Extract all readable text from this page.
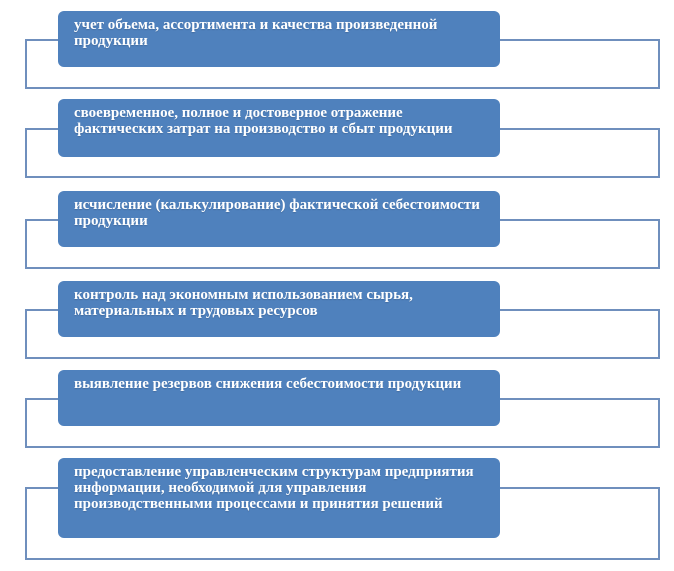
учет объема, ассортимента и качества произведенной продукции
своевременное, полное и достоверное отражение фактических затрат на производство и сбыт продукции
исчисление (калькулирование) фактической себестоимости продукции
контроль над экономным использованием сырья, материальных и трудовых ресурсов
выявление резервов снижения себестоимости продукции
предоставление управленческим структурам предприятия информации, необходимой для управления производственными процессами и принятия решений
